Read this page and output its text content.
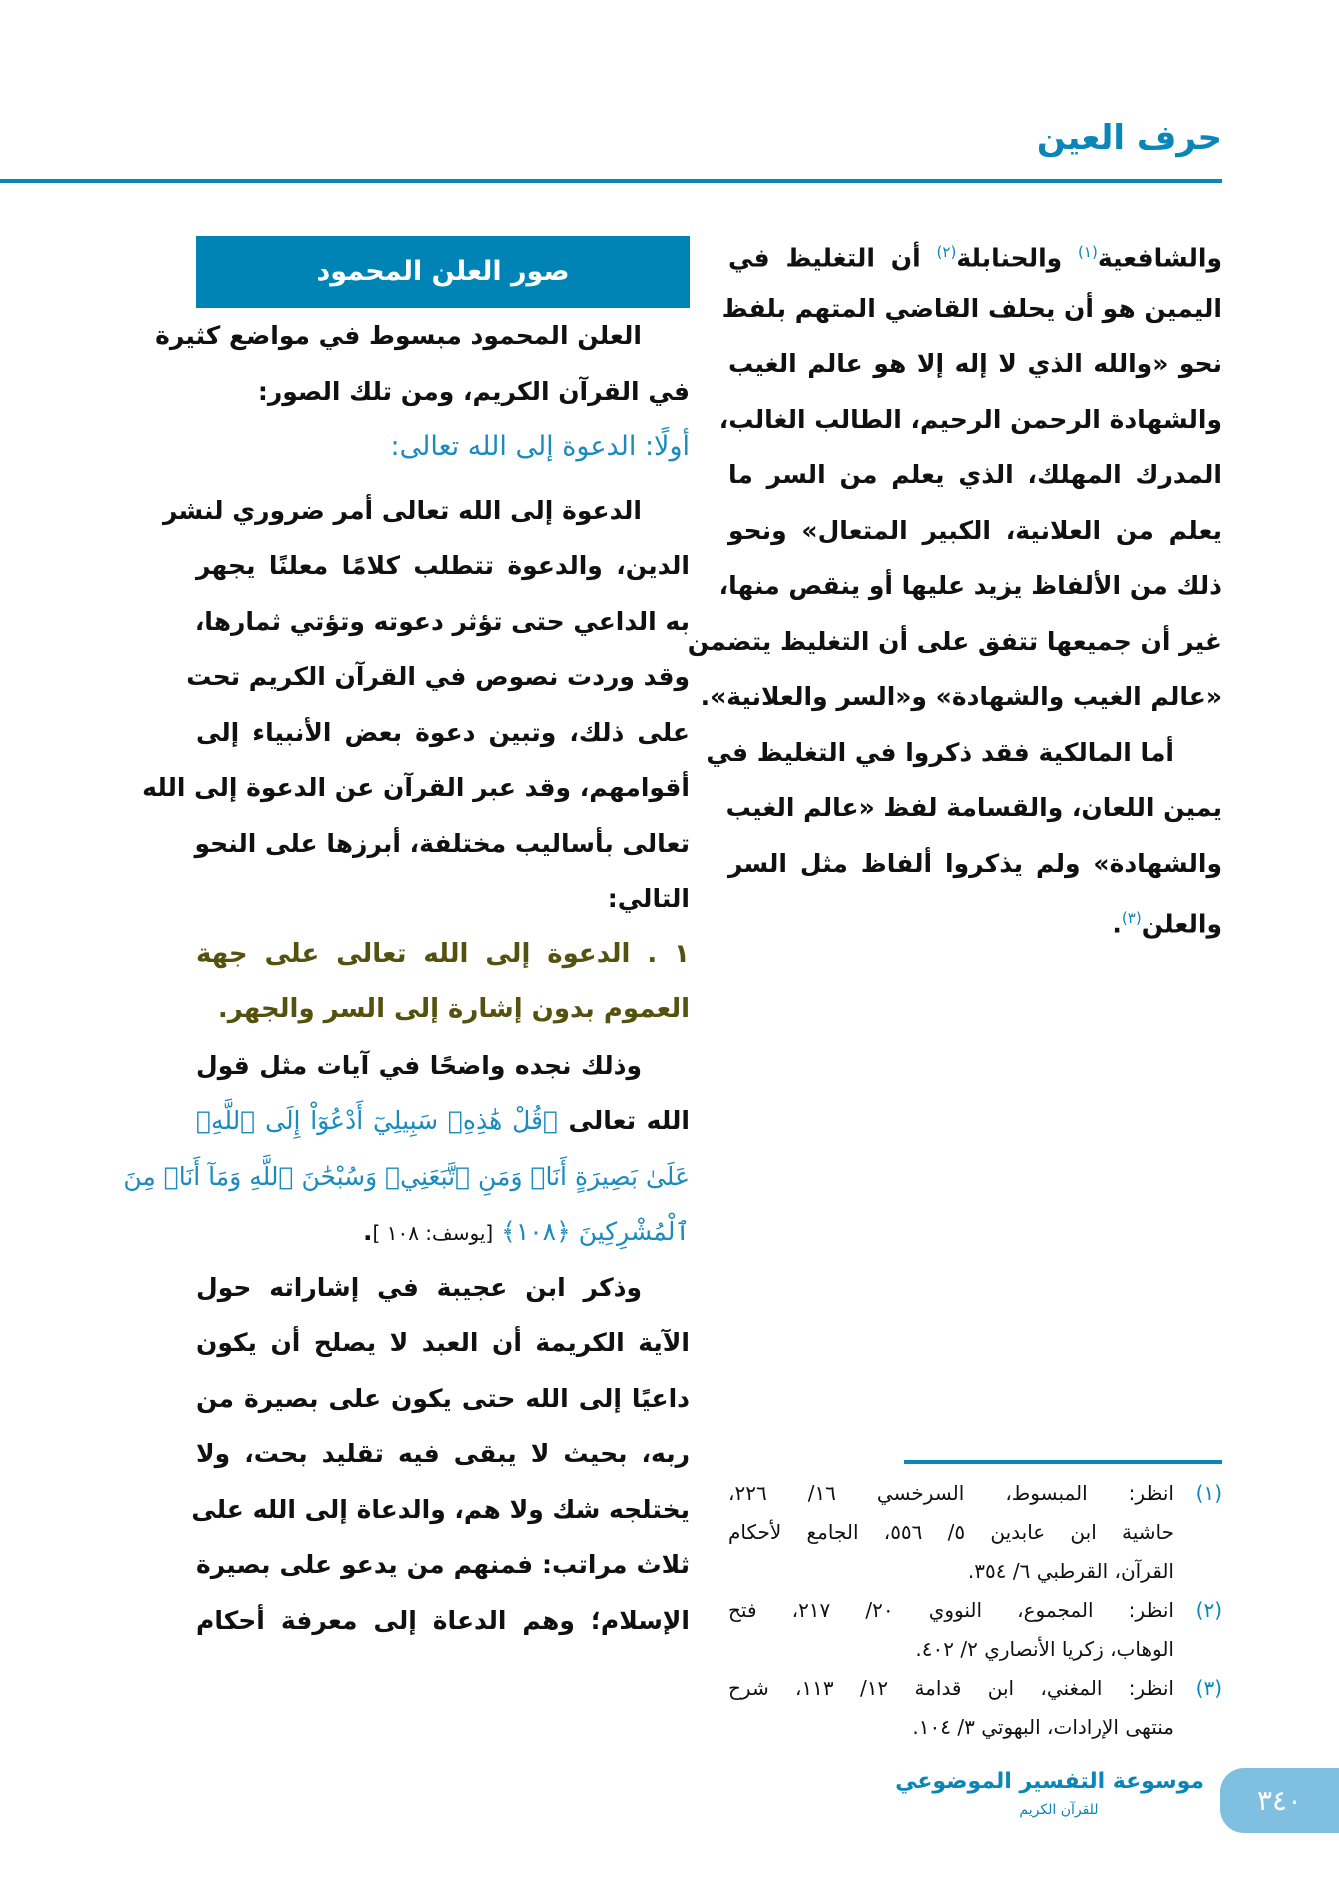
حرف العين
والشافعية$^{(١)}$ والحنابلة$^{(٢)}$ أن التغليظ في
اليمين هو أن يحلف القاضي المتهم بلفظ
نحو «والله الذي لا إله إلا هو عالم الغيب
والشهادة الرحمن الرحيم، الطالب الغالب،
المدرك المهلك، الذي يعلم من السر ما
يعلم من العلانية، الكبير المتعال» ونحو
ذلك من الألفاظ يزيد عليها أو ينقص منها،
غير أن جميعها تتفق على أن التغليظ يتضمن
«عالم الغيب والشهادة» و«السر والعلانية».
أما المالكية فقد ذكروا في التغليظ في
يمين اللعان، والقسامة لفظ «عالم الغيب
والشهادة» ولم يذكروا ألفاظ مثل السر
والعلن$^{(٣)}$.
صور العلن المحمود
العلن المحمود مبسوط في مواضع كثيرة
في القرآن الكريم، ومن تلك الصور:
أولًا: الدعوة إلى الله تعالى:
الدعوة إلى الله تعالى أمر ضروري لنشر
الدين، والدعوة تتطلب كلامًا معلنًا يجهر
به الداعي حتى تؤثر دعوته وتؤتي ثمارها،
وقد وردت نصوص في القرآن الكريم تحت
على ذلك، وتبين دعوة بعض الأنبياء إلى
أقوامهم، وقد عبر القرآن عن الدعوة إلى الله
تعالى بأساليب مختلفة، أبرزها على النحو
التالي:
١ . الدعوة إلى الله تعالى على جهة
العموم بدون إشارة إلى السر والجهر.
وذلك نجده واضحًا في آيات مثل قول
الله تعالى ﴿قُلْ هَٰذِهِۦ سَبِيلِيٓ أَدْعُوٓاْ إِلَى ٱللَّهِۚ
عَلَىٰ بَصِيرَةٍ أَنَا۠ وَمَنِ ٱتَّبَعَنِيۖ وَسُبْحَٰنَ ٱللَّهِ وَمَآ أَنَا۠ مِنَ
ٱلْمُشْرِكِينَ ﴿١٠٨﴾ [يوسف: ١٠٨ ].
وذكر ابن عجيبة في إشاراته حول
الآية الكريمة أن العبد لا يصلح أن يكون
داعيًا إلى الله حتى يكون على بصيرة من
ربه، بحيث لا يبقى فيه تقليد بحت، ولا
يختلجه شك ولا هم، والدعاة إلى الله على
ثلاث مراتب: فمنهم من يدعو على بصيرة
الإسلام؛ وهم الدعاة إلى معرفة أحكام
(١)
انظر: المبسوط، السرخسي ١٦/ ٢٢٦،
حاشية ابن عابدين ٥/ ٥٥٦، الجامع لأحكام
القرآن، القرطبي ٦/ ٣٥٤.
(٢)
انظر: المجموع، النووي ٢٠/ ٢١٧، فتح
الوهاب، زكريا الأنصاري ٢/ ٤٠٢.
(٣)
انظر: المغني، ابن قدامة ١٢/ ١١٣، شرح
منتهى الإرادات، البهوتي ٣/ ١٠٤.
٣٤٠
موسوعة التفسير الموضوعي
للقرآن الكريم
